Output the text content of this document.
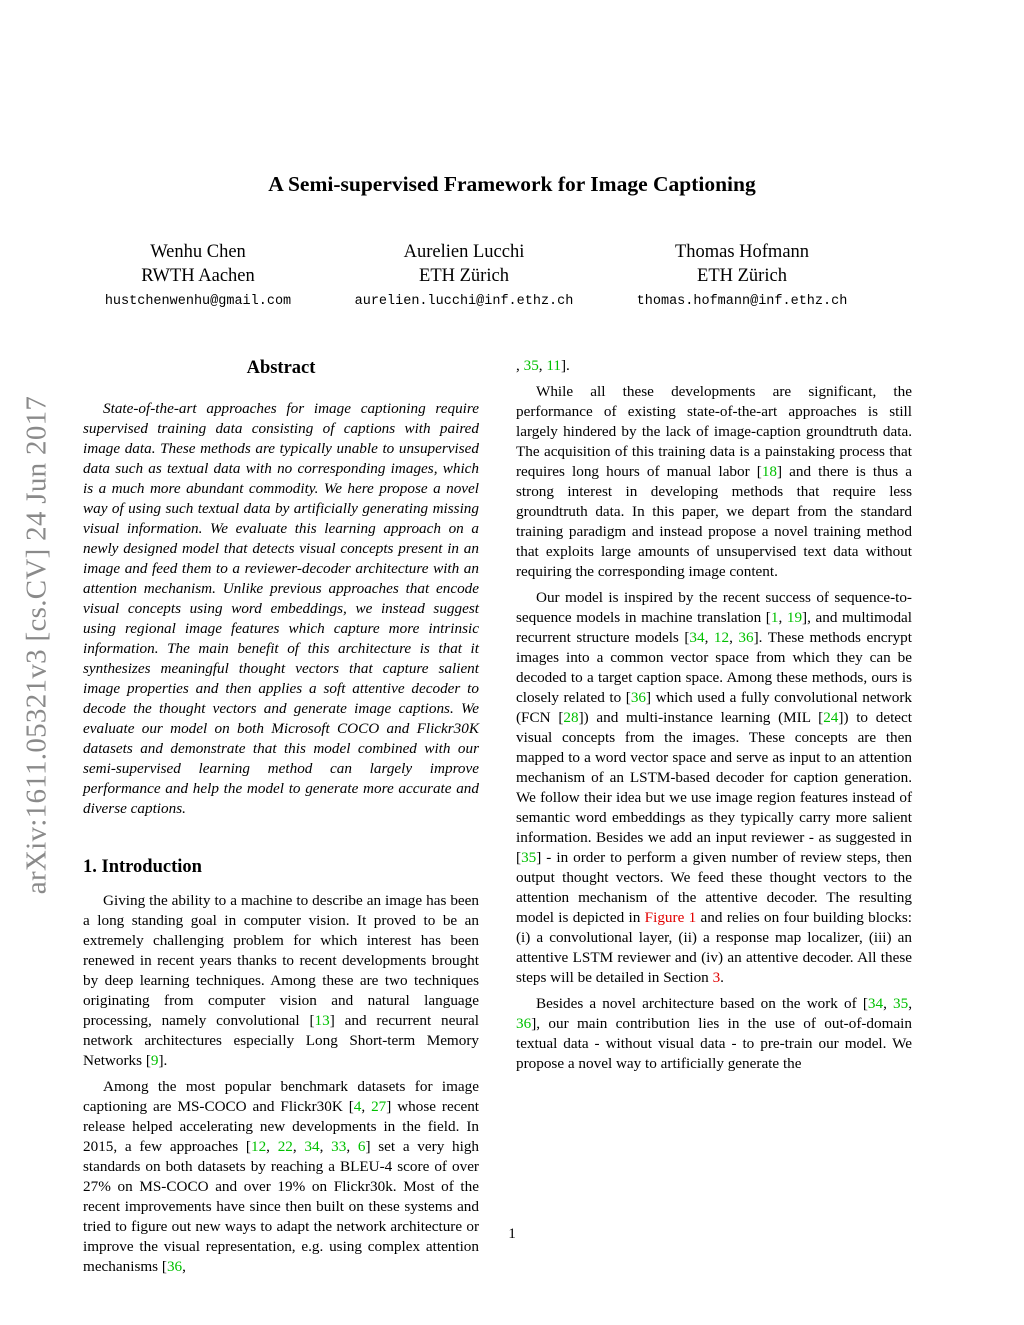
A Semi-supervised Framework for Image Captioning
Wenhu Chen
RWTH Aachen
hustchenwenhu@gmail.com
Aurelien Lucchi
ETH Zürich
aurelien.lucchi@inf.ethz.ch
Thomas Hofmann
ETH Zürich
thomas.hofmann@inf.ethz.ch
arXiv:1611.05321v3 [cs.CV] 24 Jun 2017
Abstract

State-of-the-art approaches for image captioning require supervised training data consisting of captions with paired image data. These methods are typically unable to unsupervised data such as textual data with no corresponding images, which is a much more abundant commodity. We here propose a novel way of using such textual data by artificially generating missing visual information. We evaluate this learning approach on a newly designed model that detects visual concepts present in an image and feed them to a reviewer-decoder architecture with an attention mechanism. Unlike previous approaches that encode visual concepts using word embeddings, we instead suggest using regional image features which capture more intrinsic information. The main benefit of this architecture is that it synthesizes meaningful thought vectors that capture salient image properties and then applies a soft attentive decoder to decode the thought vectors and generate image captions. We evaluate our model on both Microsoft COCO and Flickr30K datasets and demonstrate that this model combined with our semi-supervised learning method can largely improve performance and help the model to generate more accurate and diverse captions.

1. Introduction

Giving the ability to a machine to describe an image has been a long standing goal in computer vision. It proved to be an extremely challenging problem for which interest has been renewed in recent years thanks to recent developments brought by deep learning techniques. Among these are two techniques originating from computer vision and natural language processing, namely convolutional [13] and recurrent neural network architectures especially Long Short-term Memory Networks [9].

Among the most popular benchmark datasets for image captioning are MS-COCO and Flickr30K [4, 27] whose recent release helped accelerating new developments in the field. In 2015, a few approaches [12, 22, 34, 33, 6] set a very high standards on both datasets by reaching a BLEU-4 score of over 27% on MS-COCO and over 19% on Flickr30k. Most of the recent improvements have since then built on these systems and tried to figure out new ways to adapt the network architecture or improve the visual representation, e.g. using complex attention mechanisms [36,

, 35, 11].

While all these developments are significant, the performance of existing state-of-the-art approaches is still largely hindered by the lack of image-caption groundtruth data. The acquisition of this training data is a painstaking process that requires long hours of manual labor [18] and there is thus a strong interest in developing methods that require less groundtruth data. In this paper, we depart from the standard training paradigm and instead propose a novel training method that exploits large amounts of unsupervised text data without requiring the corresponding image content.

Our model is inspired by the recent success of sequence-to-sequence models in machine translation [1, 19], and multimodal recurrent structure models [34, 12, 36]. These methods encrypt images into a common vector space from which they can be decoded to a target caption space. Among these methods, ours is closely related to [36] which used a fully convolutional network (FCN [28]) and multi-instance learning (MIL [24]) to detect visual concepts from the images. These concepts are then mapped to a word vector space and serve as input to an attention mechanism of an LSTM-based decoder for caption generation. We follow their idea but we use image region features instead of semantic word embeddings as they typically carry more salient information. Besides we add an input reviewer - as suggested in [35] - in order to perform a given number of review steps, then output thought vectors. We feed these thought vectors to the attention mechanism of the attentive decoder. The resulting model is depicted in Figure 1 and relies on four building blocks: (i) a convolutional layer, (ii) a response map localizer, (iii) an attentive LSTM reviewer and (iv) an attentive decoder. All these steps will be detailed in Section 3.

Besides a novel architecture based on the work of [34, 35, 36], our main contribution lies in the use of out-of-domain textual data - without visual data - to pre-train our model. We propose a novel way to artificially generate the

1
